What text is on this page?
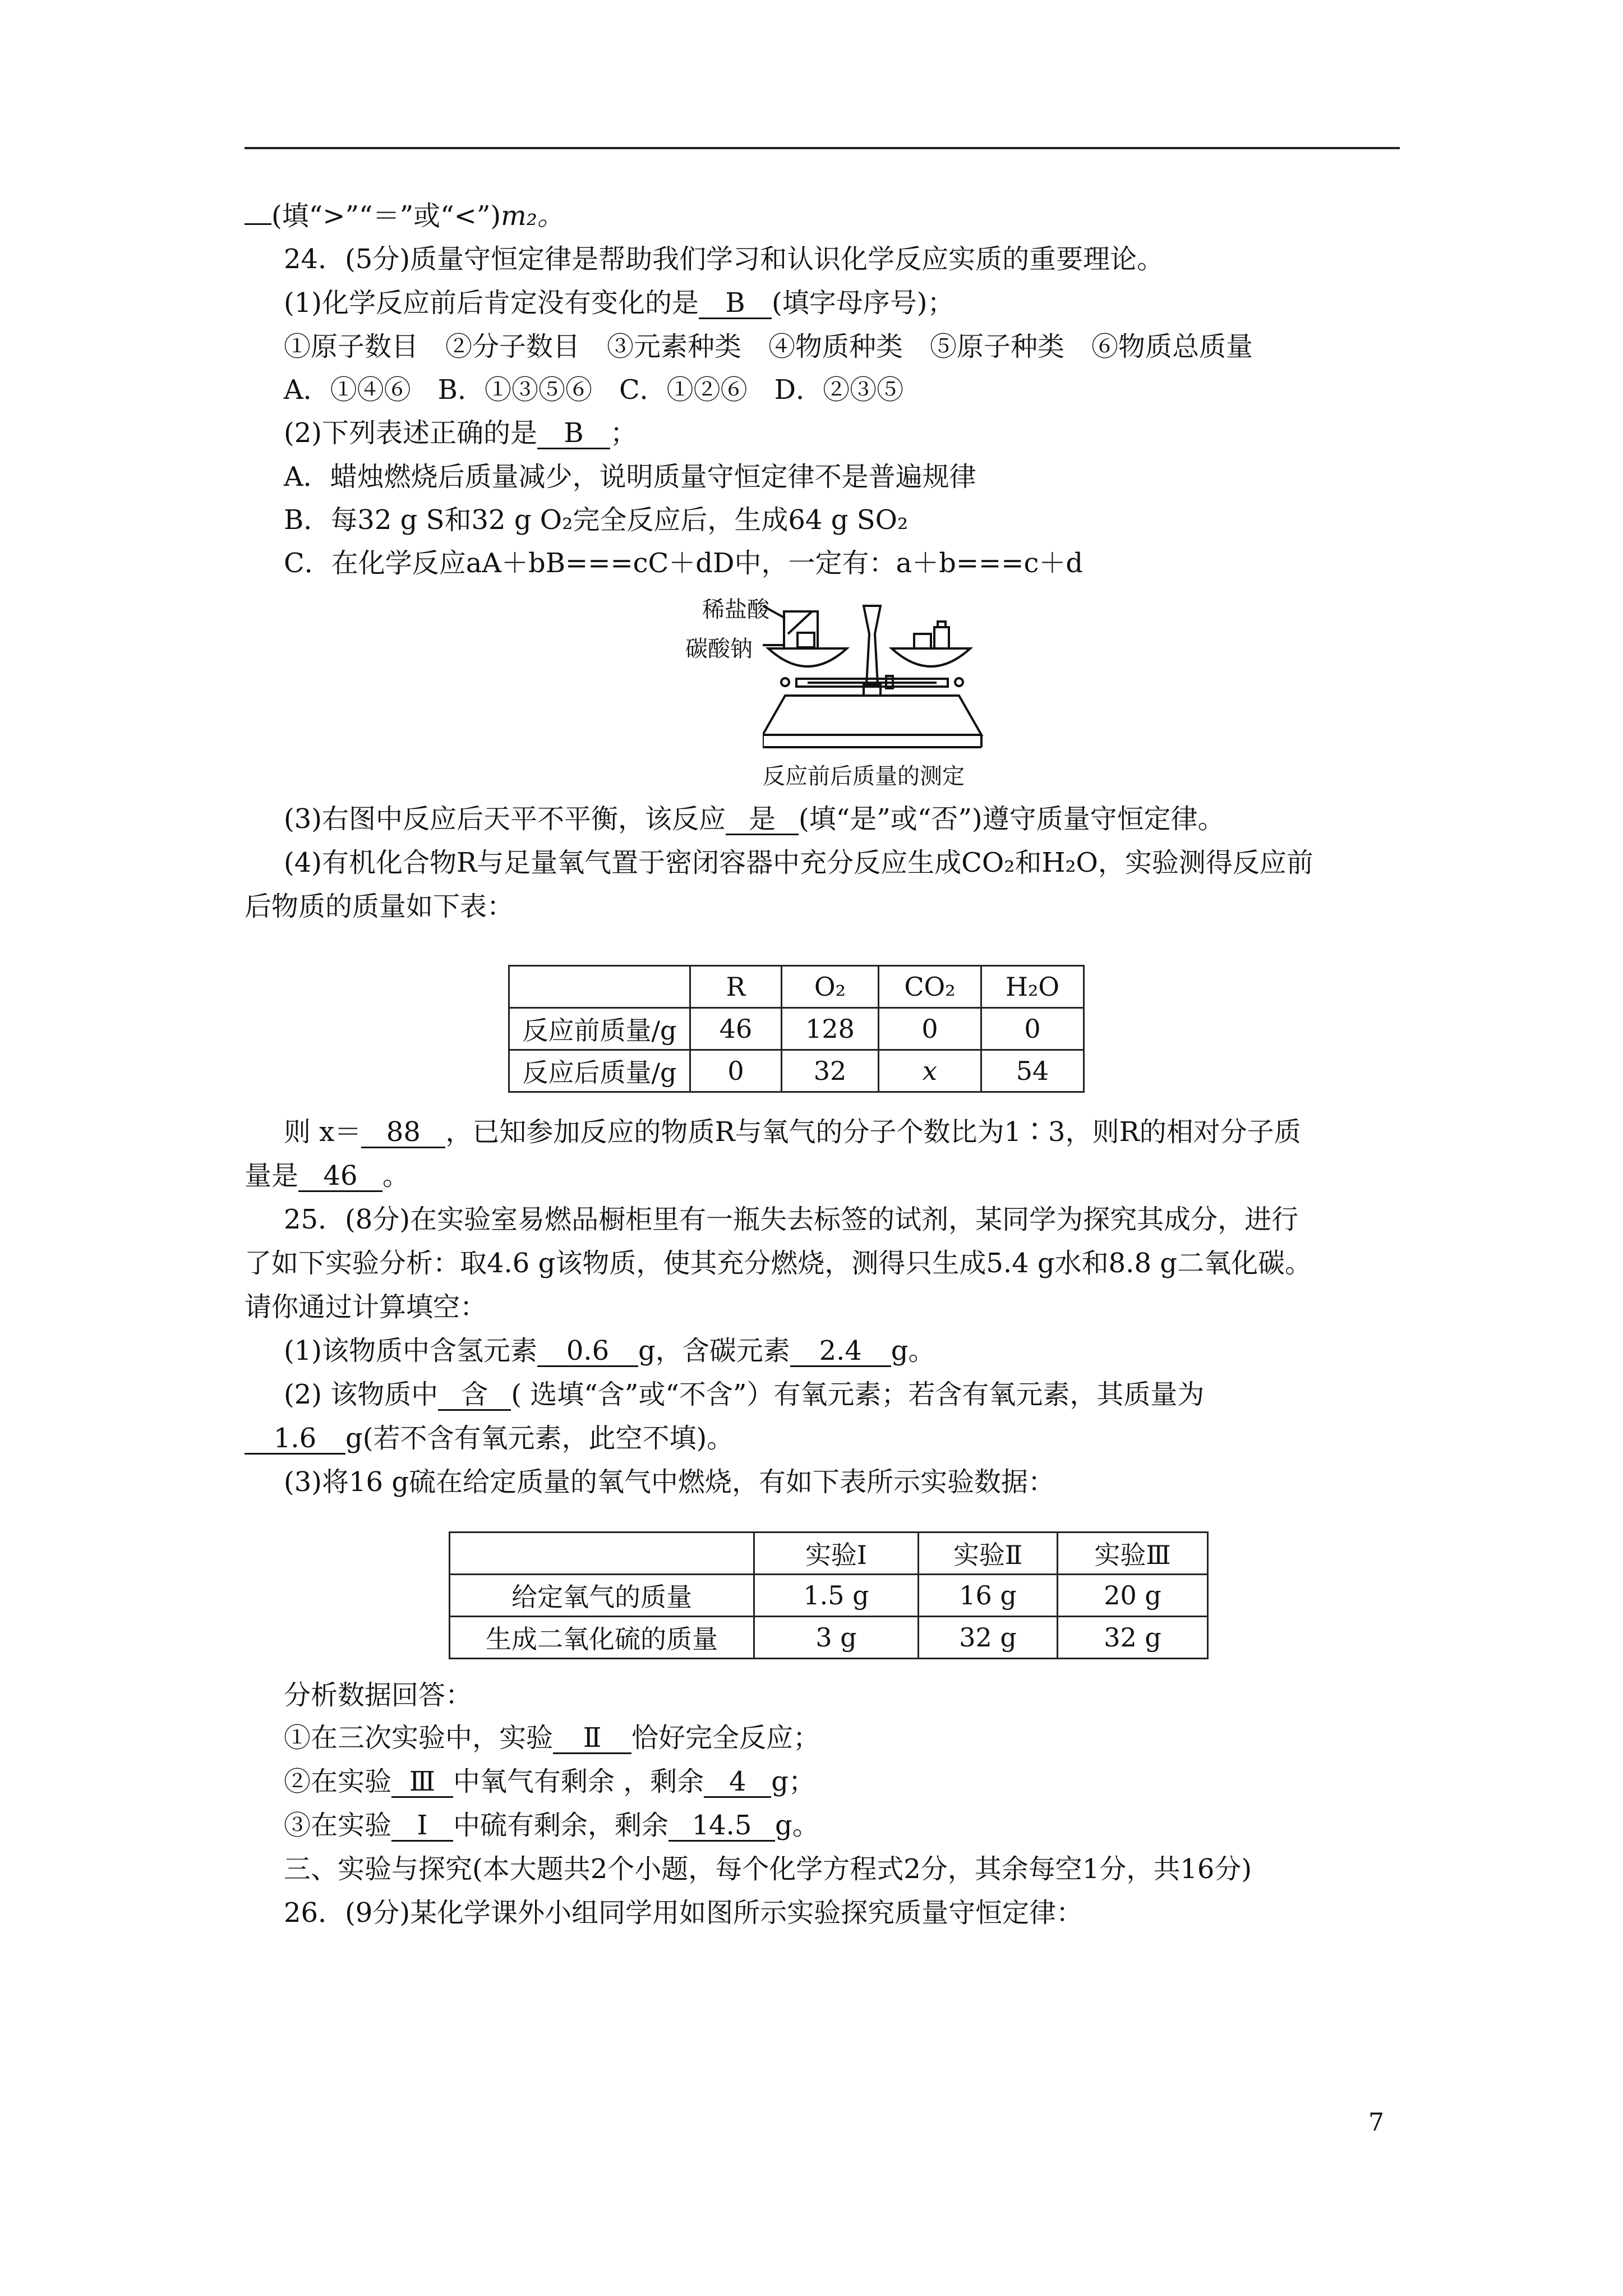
(填“>”“＝”或“<”)m₂。
24．(5分)质量守恒定律是帮助我们学习和认识化学反应实质的重要理论。
(1)化学反应前后肯定没有变化的是 B (填字母序号)；
①原子数目　②分子数目　③元素种类　④物质种类　⑤原子种类　⑥物质总质量
A．①④⑥　B．①③⑤⑥　C．①②⑥　D．②③⑤
(2)下列表述正确的是 B ；
A．蜡烛燃烧后质量减少，说明质量守恒定律不是普遍规律
B．每32 g S和32 g O₂完全反应后，生成64 g SO₂
C．在化学反应aA＋bB===cC＋dD中，一定有：a＋b===c＋d
稀盐酸
碳酸钠
反应前后质量的测定
(3)右图中反应后天平不平衡，该反应 是 (填“是”或“否”)遵守质量守恒定律。
(4)有机化合物R与足量氧气置于密闭容器中充分反应生成CO₂和H₂O，实验测得反应前
后物质的质量如下表：
	R	O₂	CO₂	H₂O
反应前质量/g	46	128	0	0
反应后质量/g	0	32	x	54
则 x＝ 88 ，已知参加反应的物质R与氧气的分子个数比为1∶3，则R的相对分子质
量是 46 。
25．(8分)在实验室易燃品橱柜里有一瓶失去标签的试剂，某同学为探究其成分，进行
了如下实验分析：取4.6 g该物质，使其充分燃烧，测得只生成5.4 g水和8.8 g二氧化碳。
请你通过计算填空：
(1)该物质中含氢元素 0.6 g，含碳元素 2.4 g。
(2) 该物质中 含 ( 选填“含”或“不含”）有氧元素；若含有氧元素，其质量为
1.6 g(若不含有氧元素，此空不填)。
(3)将16 g硫在给定质量的氧气中燃烧，有如下表所示实验数据：
	实验Ⅰ	实验Ⅱ	实验Ⅲ
给定氧气的质量	1.5 g	16 g	20 g
生成二氧化硫的质量	3 g	32 g	32 g
分析数据回答：
①在三次实验中，实验 Ⅱ 恰好完全反应；
②在实验 Ⅲ 中氧气有剩余 ，剩余 4 g；
③在实验 Ⅰ 中硫有剩余，剩余 14.5 g。
三、实验与探究(本大题共2个小题，每个化学方程式2分，其余每空1分，共16分)
26．(9分)某化学课外小组同学用如图所示实验探究质量守恒定律：
7
